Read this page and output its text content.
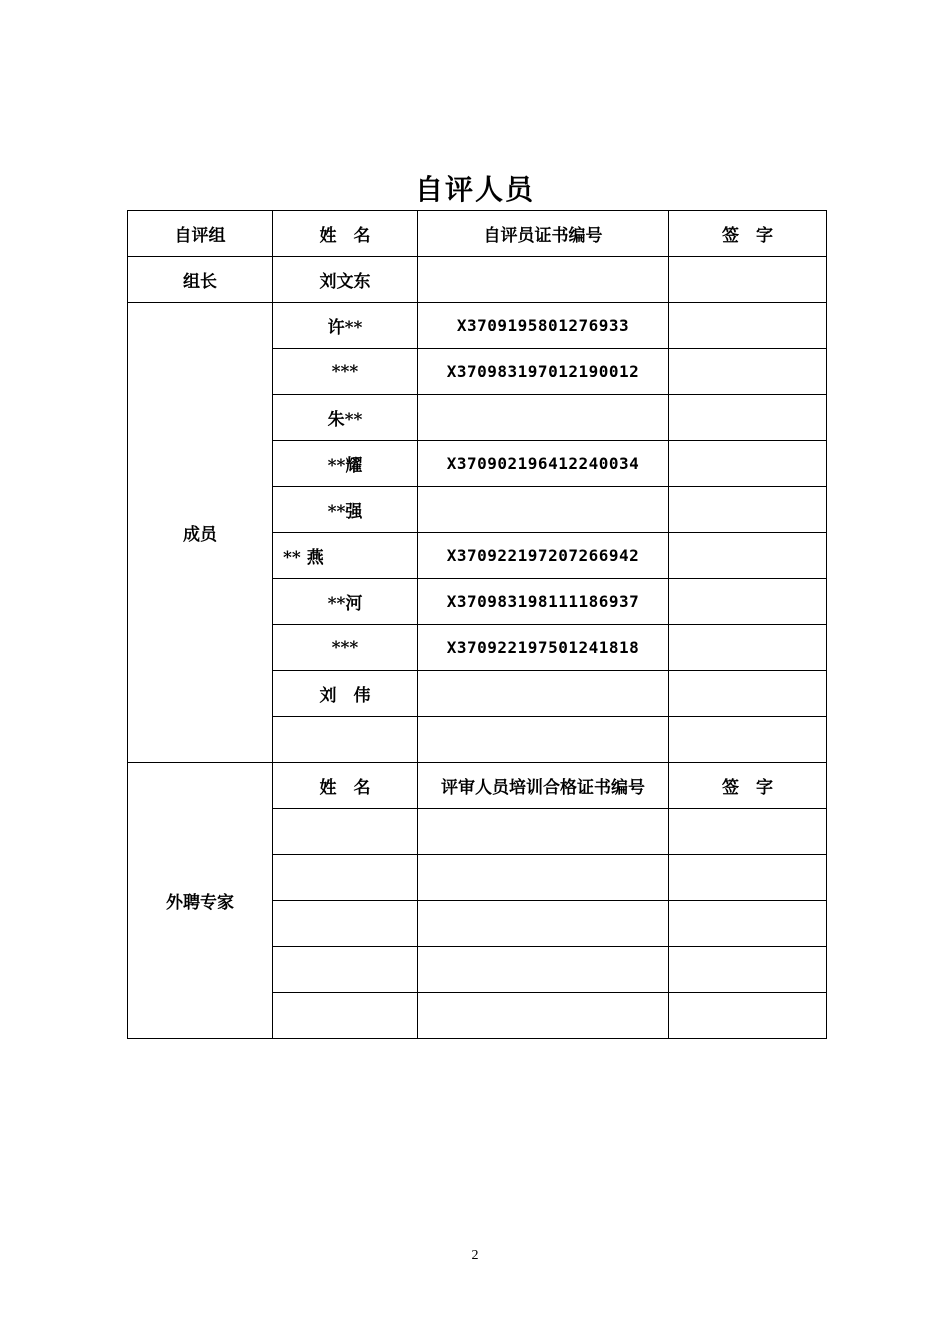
自评人员
自评组	姓　名	自评员证书编号	签　字
组长	刘文东		
成员	许**	X3709195801276933	
	***	X370983197012190012	
	朱**		
	**耀	X370902196412240034	
	**强		
	** 燕	X370922197207266942	
	**河	X370983198111186937	
	***	X370922197501241818	
	刘　伟		

外聘专家	姓　名	评审人员培训合格证书编号	签　字

2
